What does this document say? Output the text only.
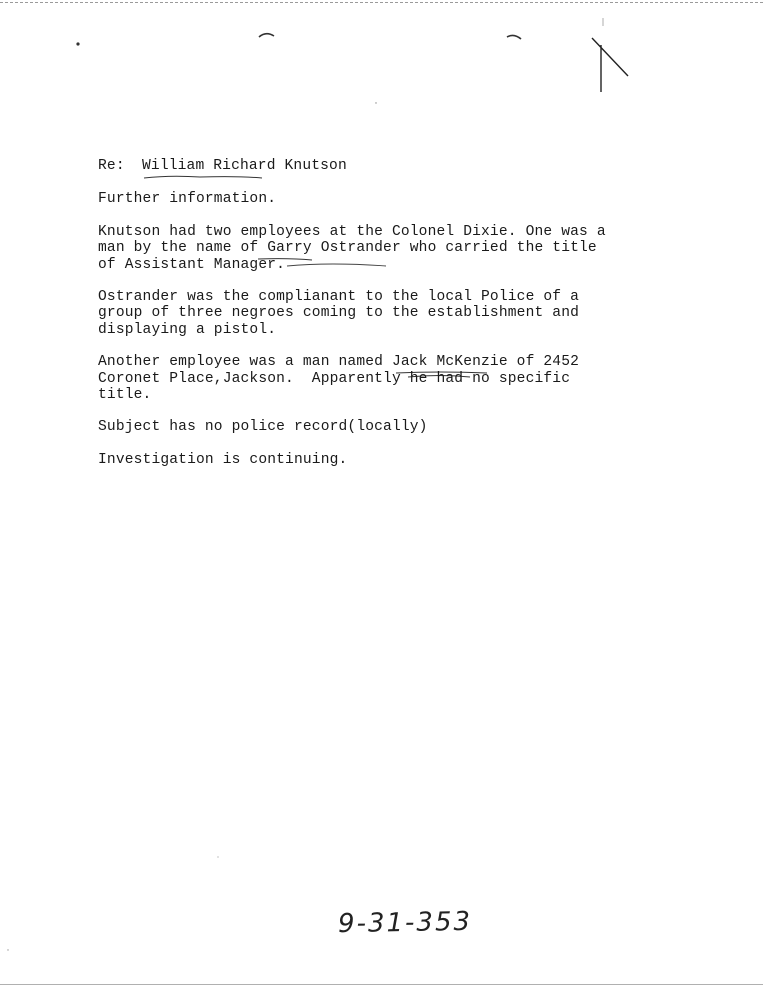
Re: William Richard Knutson

Further information.

Knutson had two employees at the Colonel Dixie. One was a

man by the name of Garry Ostrander who carried the title

of Assistant Manager.

Ostrander was the complianant to the local Police of a

group of three negroes coming to the establishment and

displaying a pistol.

Another employee was a man named Jack McKenzie of 2452

Coronet Place,Jackson.  Apparently he had no specific

title.

Subject has no police record(locally)

Investigation is continuing.

9-31-353
